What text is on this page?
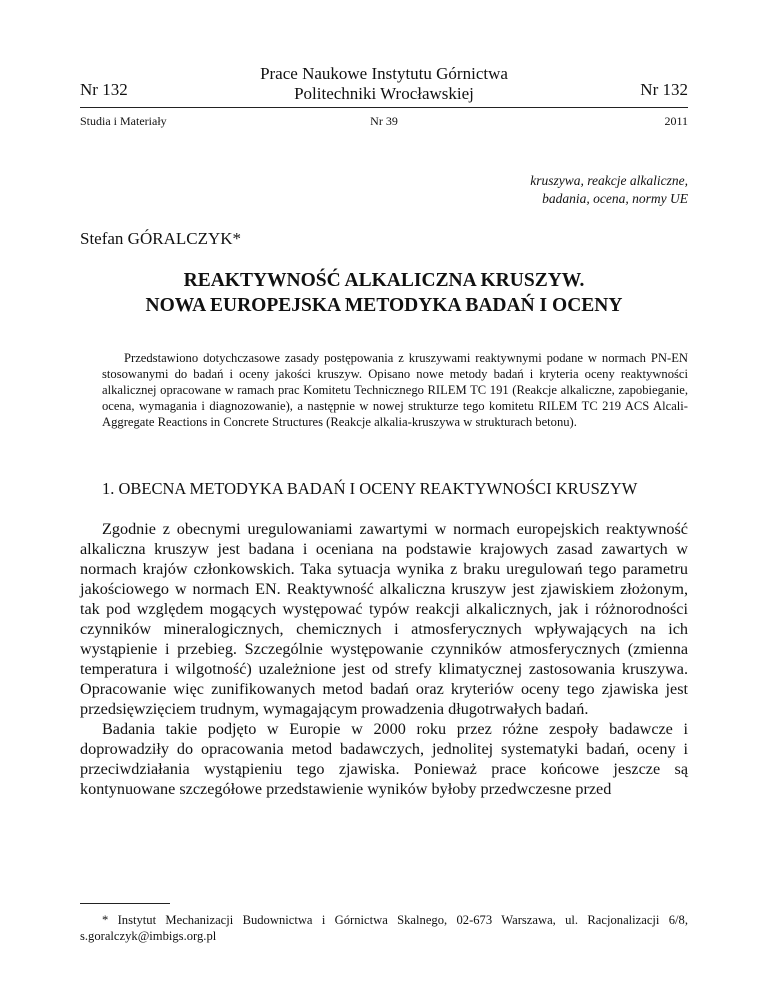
Nr 132
Prace Naukowe Instytutu Górnictwa
Politechniki Wrocławskiej	Nr 132
Studia i Materiały	Nr 39	2011
kruszywa, reakcje alkaliczne,
badania, ocena, normy UE
Stefan GÓRALCZYK*
REAKTYWNOŚĆ ALKALICZNA KRUSZYW.
NOWA EUROPEJSKA METODYKA BADAŃ I OCENY
Przedstawiono dotychczasowe zasady postępowania z kruszywami reaktywnymi podane w normach PN-EN stosowanymi do badań i oceny jakości kruszyw. Opisano nowe metody badań i kryteria oceny reaktywności alkalicznej opracowane w ramach prac Komitetu Technicznego RILEM TC 191 (Reakcje alkaliczne, zapobieganie, ocena, wymagania i diagnozowanie), a następnie w nowej strukturze tego komitetu RILEM TC 219 ACS Alcali-Aggregate Reactions in Concrete Structures (Reakcje alkalia-kruszywa w strukturach betonu).
1. OBECNA METODYKA BADAŃ I OCENY REAKTYWNOŚCI KRUSZYW

Zgodnie z obecnymi uregulowaniami zawartymi w normach europejskich reaktywność alkaliczna kruszyw jest badana i oceniana na podstawie krajowych zasad zawartych w normach krajów członkowskich. Taka sytuacja wynika z braku uregulowań tego parametru jakościowego w normach EN. Reaktywność alkaliczna kruszyw jest zjawiskiem złożonym, tak pod względem mogących występować typów reakcji alkalicznych, jak i różnorodności czynników mineralogicznych, chemicznych i atmosferycznych wpływających na ich wystąpienie i przebieg. Szczególnie występowanie czynników atmosferycznych (zmienna temperatura i wilgotność) uzależnione jest od strefy klimatycznej zastosowania kruszywa. Opracowanie więc zunifikowanych metod badań oraz kryteriów oceny tego zjawiska jest przedsięwzięciem trudnym, wymagającym prowadzenia długotrwałych badań.

Badania takie podjęto w Europie w 2000 roku przez różne zespoły badawcze i doprowadziły do opracowania metod badawczych, jednolitej systematyki badań, oceny i przeciwdziałania wystąpieniu tego zjawiska. Ponieważ prace końcowe jeszcze są kontynuowane szczegółowe przedstawienie wyników byłoby przedwczesne przed

* Instytut Mechanizacji Budownictwa i Górnictwa Skalnego, 02-673 Warszawa, ul. Racjonalizacji 6/8, s.goralczyk@imbigs.org.pl
